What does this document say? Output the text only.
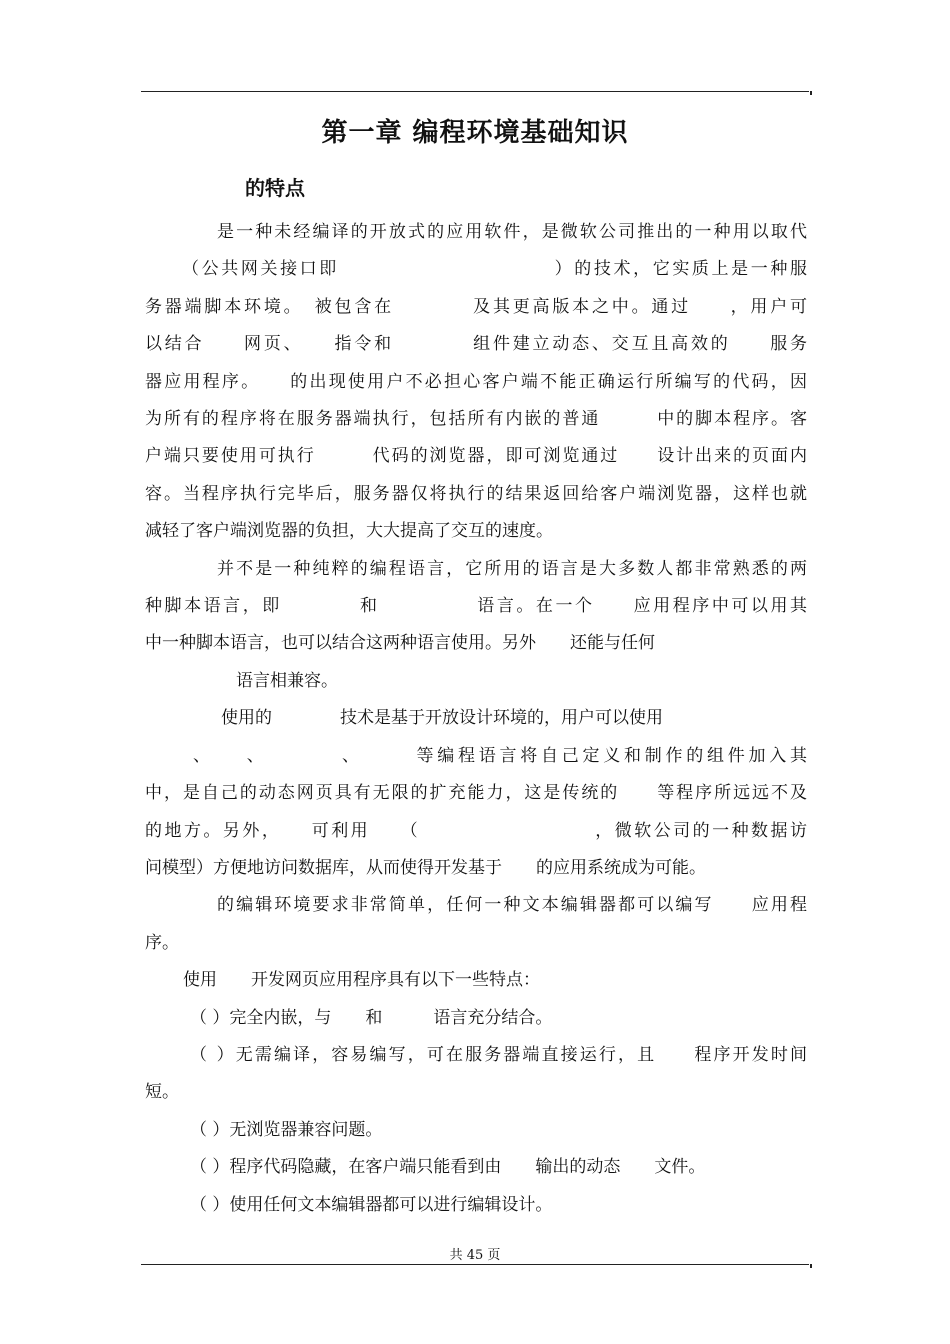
第一章 编程环境基础知识
的特点
是一种未经编译的开放式的应用软件，是微软公司推出的一种用以取代
（公共网关接口即　　　　　　　　　　　）的技术，它实质上是一种服
务器端脚本环境。　被包含在　　　　及其更高版本之中。通过　　，用户可
以结合　　网页、　　指令和　　　　组件建立动态、交互且高效的　　服务
器应用程序。　　的出现使用户不必担心客户端不能正确运行所编写的代码，因
为所有的程序将在服务器端执行，包括所有内嵌的普通　　　中的脚本程序。客
户端只要使用可执行　　　代码的浏览器，即可浏览通过　　设计出来的页面内
容。当程序执行完毕后，服务器仅将执行的结果返回给客户端浏览器，这样也就
减轻了客户端浏览器的负担，大大提高了交互的速度。
并不是一种纯粹的编程语言，它所用的语言是大多数人都非常熟悉的两
种脚本语言，即　　　　和　　　　　语言。在一个　　应用程序中可以用其
中一种脚本语言，也可以结合这两种语言使用。另外　　还能与任何
语言相兼容。
使用的　　　　技术是基于开放设计环境的，用户可以使用
、　　、　　　　、　　　等编程语言将自己定义和制作的组件加入其
中，是自己的动态网页具有无限的扩充能力，这是传统的　　等程序所远远不及
的地方。另外，　　可利用　　（　　　　　　　　　，微软公司的一种数据访
问模型）方便地访问数据库，从而使得开发基于　　的应用系统成为可能。
的编辑环境要求非常简单，任何一种文本编辑器都可以编写　　应用程
序。
使用　　开发网页应用程序具有以下一些特点：
（ ）完全内嵌，与　　和　　　语言充分结合。
（ ）无需编译，容易编写，可在服务器端直接运行，且　　程序开发时间
短。
（ ）无浏览器兼容问题。
（ ）程序代码隐藏，在客户端只能看到由　　输出的动态　　文件。
（ ）使用任何文本编辑器都可以进行编辑设计。
共 45 页
